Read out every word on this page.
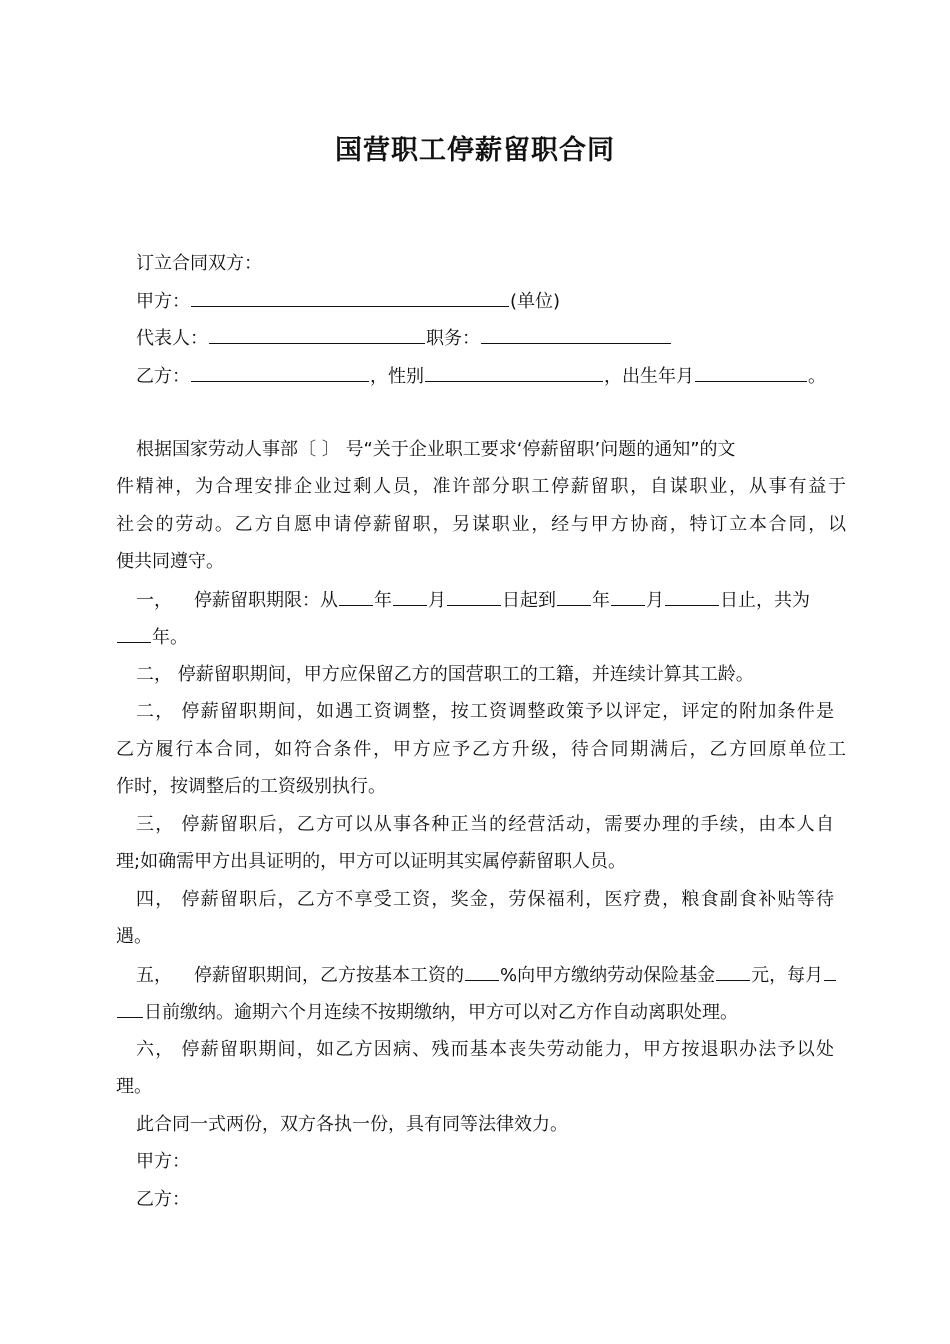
国营职工停薪留职合同
订立合同双方：
甲方：	(单位)
代表人：	职务：
乙方：	，性别	，出生年月	。
根据国家劳动人事部〔 〕 号“关于企业职工要求‘停薪留职’问题的通知”的文
件精神，为合理安排企业过剩人员，准许部分职工停薪留职，自谋职业，从事有益于
社会的劳动。乙方自愿申请停薪留职，另谋职业，经与甲方协商，特订立本合同，以
便共同遵守。
一， 停薪留职期限：从 年 月	日起到 年 月	日止，共为
年。
二， 停薪留职期间，甲方应保留乙方的国营职工的工籍，并连续计算其工龄。
二， 停薪留职期间，如遇工资调整，按工资调整政策予以评定，评定的附加条件是
乙方履行本合同，如符合条件，甲方应予乙方升级，待合同期满后，乙方回原单位工
作时，按调整后的工资级别执行。
三， 停薪留职后，乙方可以从事各种正当的经营活动，需要办理的手续，由本人自
理;如确需甲方出具证明的，甲方可以证明其实属停薪留职人员。
四， 停薪留职后，乙方不享受工资，奖金，劳保福利，医疗费，粮食副食补贴等待
遇。
五， 停薪留职期间，乙方按基本工资的 %向甲方缴纳劳动保险基金 元，每月
日前缴纳。逾期六个月连续不按期缴纳，甲方可以对乙方作自动离职处理。
六， 停薪留职期间，如乙方因病、残而基本丧失劳动能力，甲方按退职办法予以处
理。
此合同一式两份，双方各执一份，具有同等法律效力。
甲方：
乙方：
